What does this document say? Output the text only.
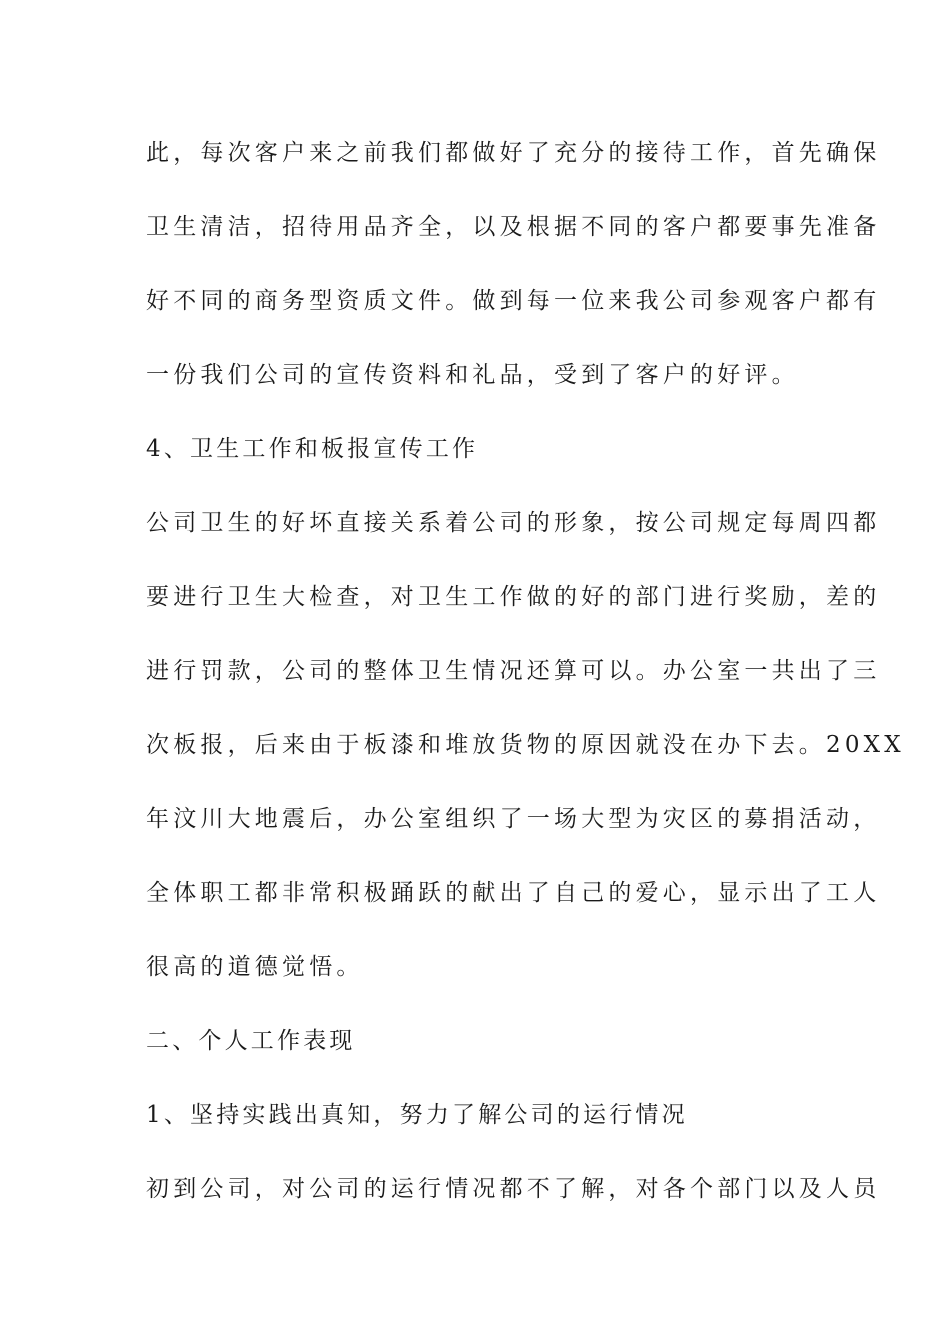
此，每次客户来之前我们都做好了充分的接待工作，首先确保
卫生清洁，招待用品齐全，以及根据不同的客户都要事先准备
好不同的商务型资质文件。做到每一位来我公司参观客户都有
一份我们公司的宣传资料和礼品，受到了客户的好评。
4、卫生工作和板报宣传工作
公司卫生的好坏直接关系着公司的形象，按公司规定每周四都
要进行卫生大检查，对卫生工作做的好的部门进行奖励，差的
进行罚款，公司的整体卫生情况还算可以。办公室一共出了三
次板报，后来由于板漆和堆放货物的原因就没在办下去。20XX
年汶川大地震后，办公室组织了一场大型为灾区的募捐活动，
全体职工都非常积极踊跃的献出了自己的爱心，显示出了工人
很高的道德觉悟。
二、个人工作表现
1、坚持实践出真知，努力了解公司的运行情况
初到公司，对公司的运行情况都不了解，对各个部门以及人员
